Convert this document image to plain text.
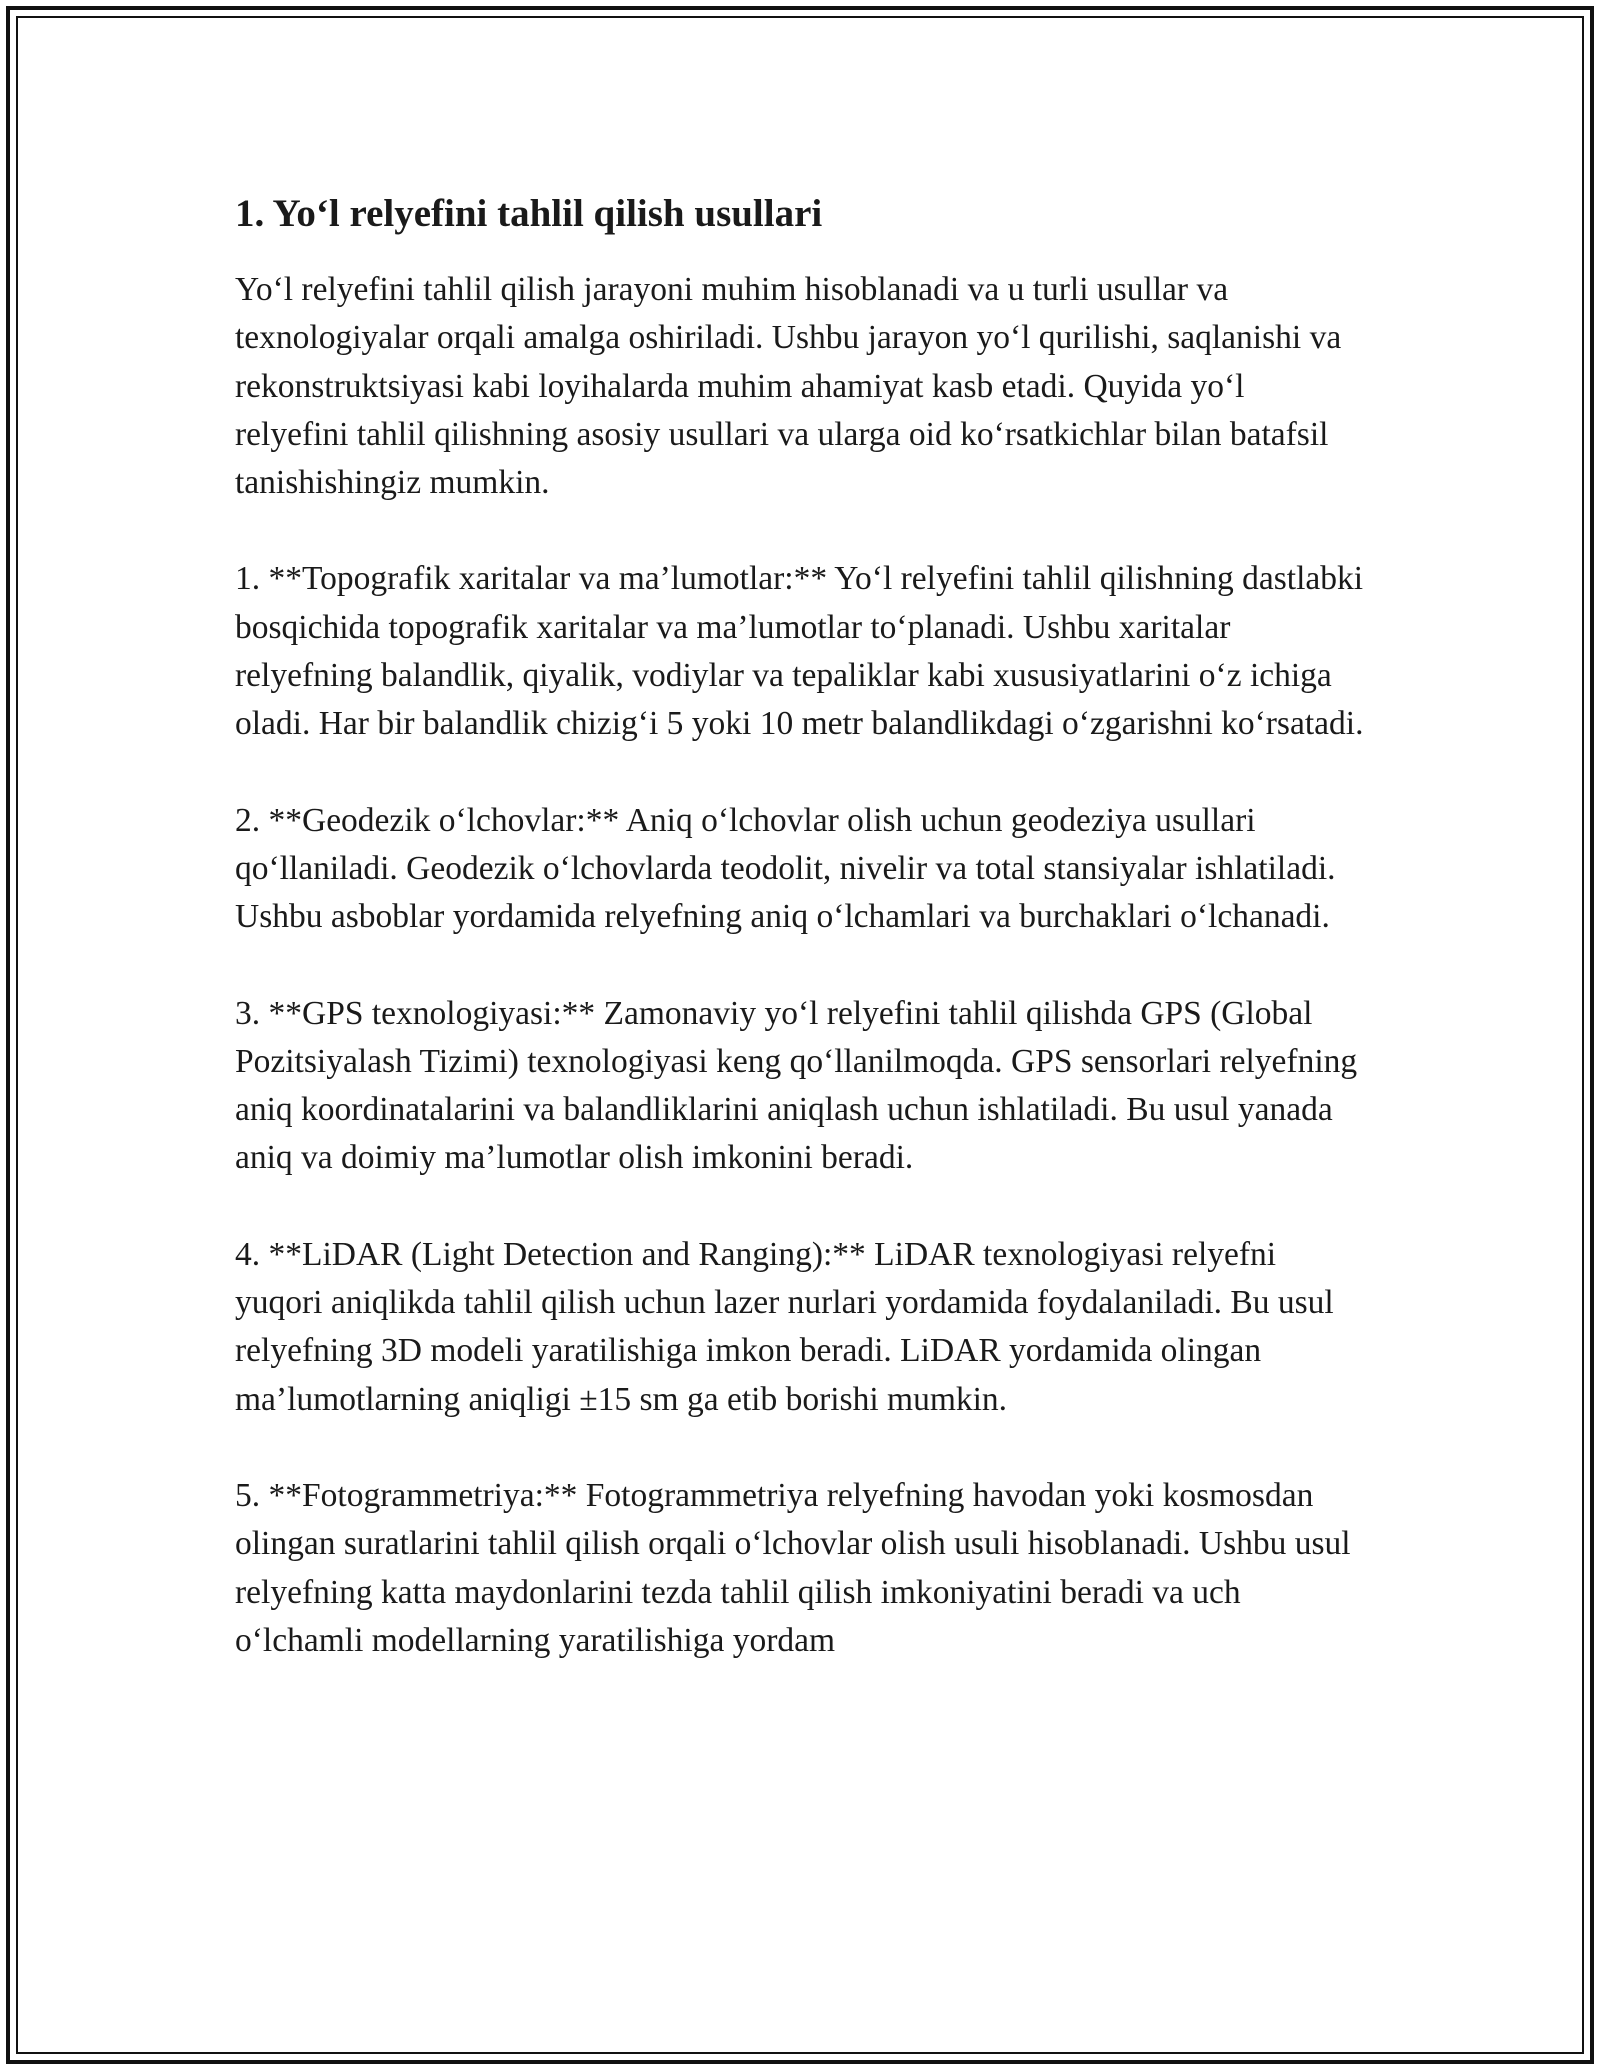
1. Yo‘l relyefini tahlil qilish usullari

Yo‘l relyefini tahlil qilish jarayoni muhim hisoblanadi va u turli usullar va texnologiyalar orqali amalga oshiriladi. Ushbu jarayon yo‘l qurilishi, saqlanishi va rekonstruktsiyasi kabi loyihalarda muhim ahamiyat kasb etadi. Quyida yo‘l relyefini tahlil qilishning asosiy usullari va ularga oid ko‘rsatkichlar bilan batafsil tanishishingiz mumkin.

1. **Topografik xaritalar va ma’lumotlar:** Yo‘l relyefini tahlil qilishning dastlabki bosqichida topografik xaritalar va ma’lumotlar to‘planadi. Ushbu xaritalar relyefning balandlik, qiyalik, vodiylar va tepaliklar kabi xususiyatlarini o‘z ichiga oladi. Har bir balandlik chizig‘i 5 yoki 10 metr balandlikdagi o‘zgarishni ko‘rsatadi.

2. **Geodezik o‘lchovlar:** Aniq o‘lchovlar olish uchun geodeziya usullari qo‘llaniladi. Geodezik o‘lchovlarda teodolit, nivelir va total stansiyalar ishlatiladi. Ushbu asboblar yordamida relyefning aniq o‘lchamlari va burchaklari o‘lchanadi.

3. **GPS texnologiyasi:** Zamonaviy yo‘l relyefini tahlil qilishda GPS (Global Pozitsiyalash Tizimi) texnologiyasi keng qo‘llanilmoqda. GPS sensorlari relyefning aniq koordinatalarini va balandliklarini aniqlash uchun ishlatiladi. Bu usul yanada aniq va doimiy ma’lumotlar olish imkonini beradi.

4. **LiDAR (Light Detection and Ranging):** LiDAR texnologiyasi relyefni yuqori aniqlikda tahlil qilish uchun lazer nurlari yordamida foydalaniladi. Bu usul relyefning 3D modeli yaratilishiga imkon beradi. LiDAR yordamida olingan ma’lumotlarning aniqligi ±15 sm ga etib borishi mumkin.

5. **Fotogrammetriya:** Fotogrammetriya relyefning havodan yoki kosmosdan olingan suratlarini tahlil qilish orqali o‘lchovlar olish usuli hisoblanadi. Ushbu usul relyefning katta maydonlarini tezda tahlil qilish imkoniyatini beradi va uch o‘lchamli modellarning yaratilishiga yordam
